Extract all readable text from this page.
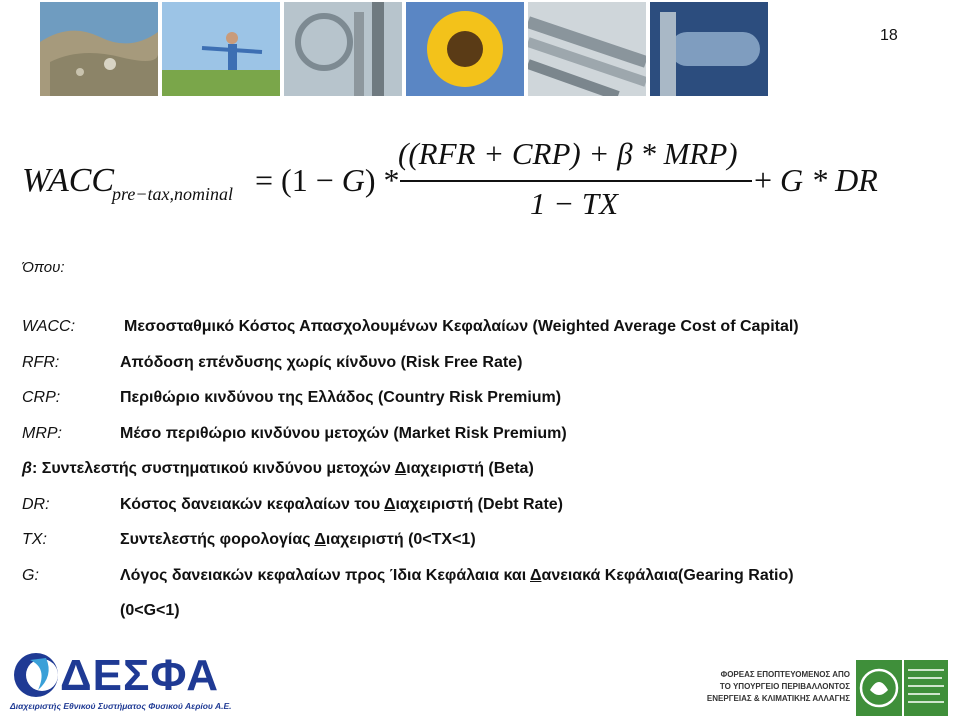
18
WACC
pre−tax,nominal = (1 − G) *
((RFR + CRP) + β * MRP)
1 − TX
+ G * DR
Όπου:
WACC:	Μεσοσταθμικό Κόστος Απασχολουμένων Κεφαλαίων (Weighted Average Cost of Capital)
RFR:	Απόδοση επένδυσης χωρίς κίνδυνο (Risk Free Rate)
CRP:	Περιθώριο κινδύνου της Ελλάδος (Country Risk Premium)
MRP:	Μέσο περιθώριο κινδύνου μετοχών (Market Risk Premium)
β: Συντελεστής συστηματικού κινδύνου μετοχών Διαχειριστή (Beta)
DR:	Κόστος δανειακών κεφαλαίων του Διαχειριστή (Debt Rate)
TX:	Συντελεστής φορολογίας Διαχειριστή (0<TX<1)
G:	Λόγος δανειακών κεφαλαίων προς Ίδια Κεφάλαια και Δανειακά Κεφάλαια(Gearing Ratio)
(0<G<1)
ΔΕΣΦΑ
Διαχειριστής Εθνικού Συστήματος Φυσικού Αερίου Α.Ε.
ΦΟΡΕΑΣ ΕΠΟΠΤΕΥΟΜΕΝΟΣ ΑΠΟ
ΤΟ ΥΠΟΥΡΓΕΙΟ ΠΕΡΙΒΑΛΛΟΝΤΟΣ
ΕΝΕΡΓΕΙΑΣ & ΚΛΙΜΑΤΙΚΗΣ ΑΛΛΑΓΗΣ
